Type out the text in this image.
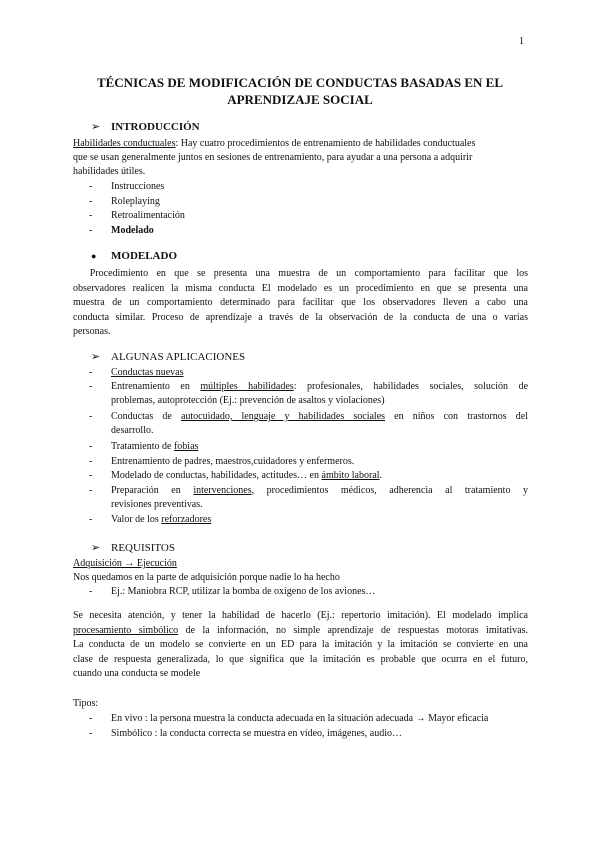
1
TÉCNICAS DE MODIFICACIÓN DE CONDUCTAS BASADAS EN EL
APRENDIZAJE SOCIAL
➢ INTRODUCCIÓN
Habilidades conductuales: Hay cuatro procedimientos de entrenamiento de habilidades conductuales
que se usan generalmente juntos en sesiones de entrenamiento, para ayudar a una persona a adquirir
habilidades útiles.
- Instrucciones
- Roleplaying
- Retroalimentación
- Modelado
●	MODELADO
Procedimiento en que se presenta una muestra de un comportamiento para facilitar que los
observadores realicen la misma conducta El modelado es un procedimiento en que se presenta una
muestra de un comportamiento determinado para facilitar que los observadores lleven a cabo una
conducta similar. Proceso de aprendizaje a través de la observación de la conducta de una o varias
personas.
➢ ALGUNAS APLICACIONES
- Conductas nuevas
- Entrenamiento en múltiples habilidades: profesionales, habilidades sociales, solución de
problemas, autoprotección (Ej.: prevención de asaltos y violaciones)
- Conductas de autocuidado, lenguaje y habilidades sociales en niños con trastornos del
desarrollo.
- Tratamiento de fobias
- Entrenamiento de padres, maestros,cuidadores y enfermeros.
- Modelado de conductas, habilidades, actitudes… en ámbito laboral.
- Preparación en intervenciones, procedimientos médicos, adherencia al tratamiento y
revisiones preventivas.
- Valor de los reforzadores
➢ REQUISITOS
Adquisición → Ejecución
Nos quedamos en la parte de adquisición porque nadie lo ha hecho
- Ej.: Maniobra RCP, utilizar la bomba de oxígeno de los aviones…
Se necesita atención, y tener la habilidad de hacerlo (Ej.: repertorio imitación). El modelado implica
procesamiento simbólico de la información, no simple aprendizaje de respuestas motoras imitativas.
La conducta de un modelo se convierte en un ED para la imitación y la imitación se convierte en una
clase de respuesta generalizada, lo que significa que la imitación es probable que ocurra en el futuro,
cuando una conducta se modele
Tipos:
- En vivo : la persona muestra la conducta adecuada en la situación adecuada → Mayor eficacia
- Simbólico : la conducta correcta se muestra en vídeo, imágenes, audio…
